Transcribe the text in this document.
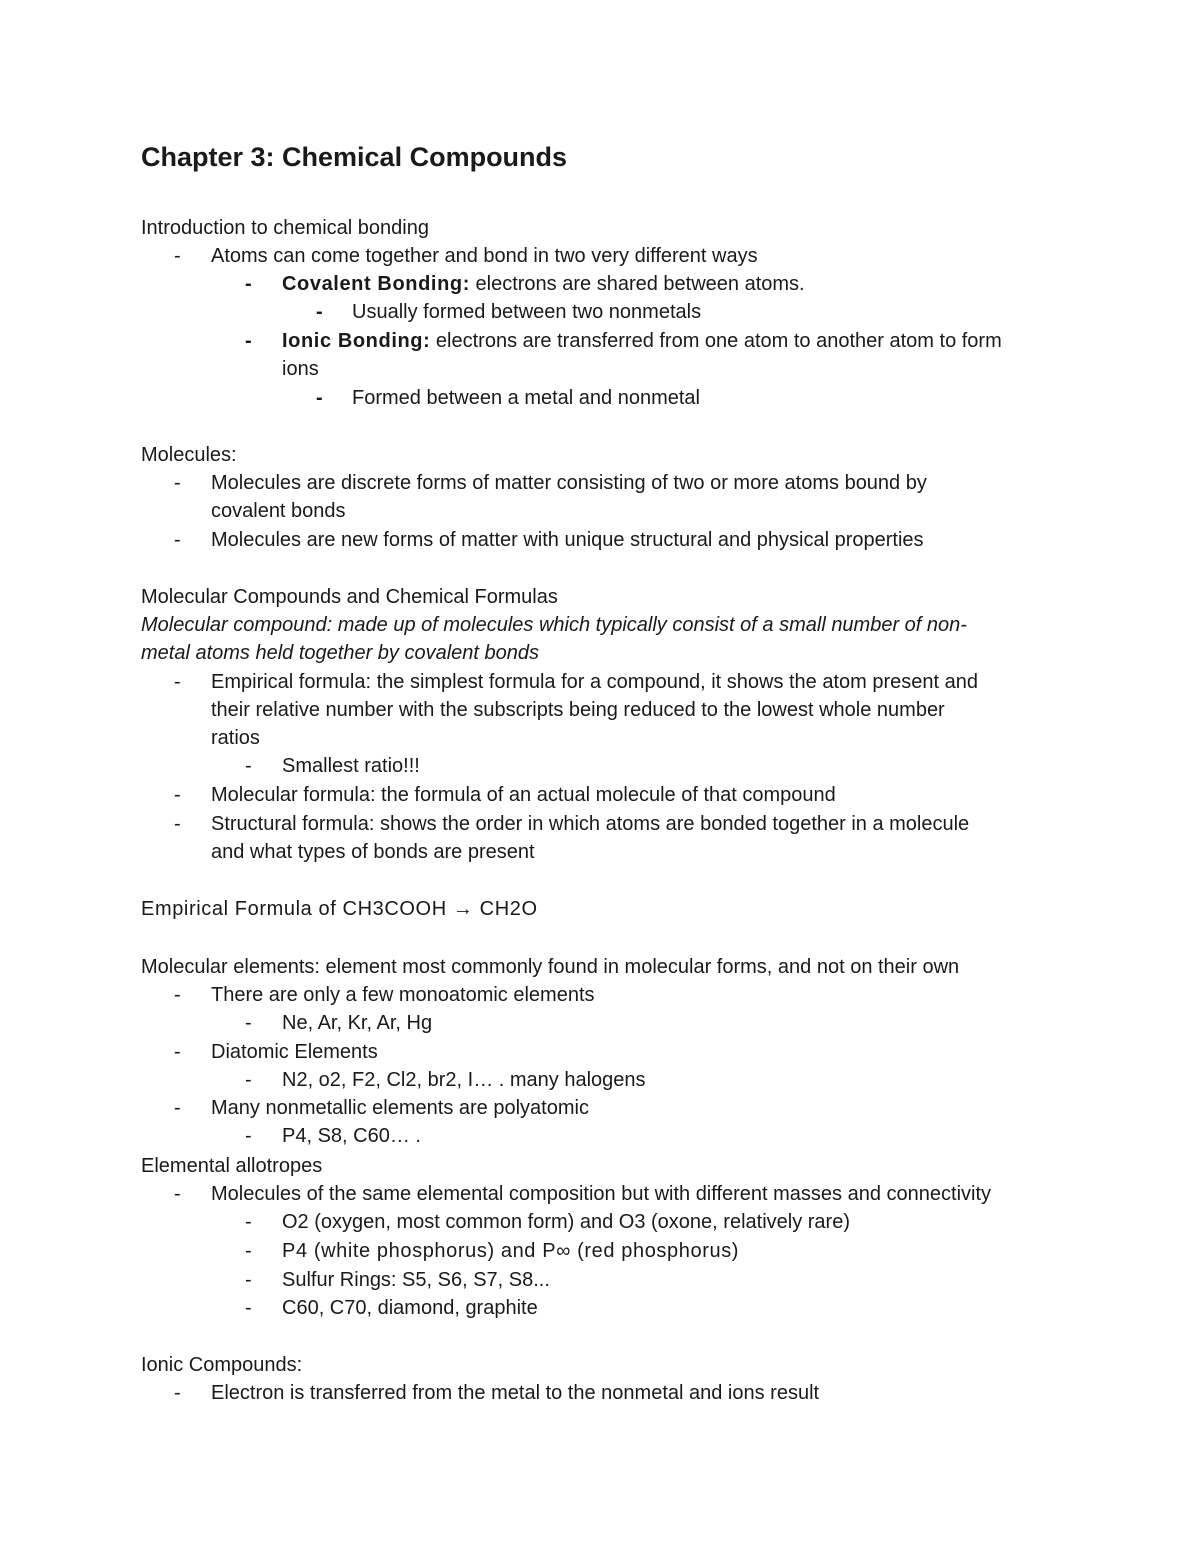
Chapter 3: Chemical Compounds
Introduction to chemical bonding
- Atoms can come together and bond in two very different ways
- Covalent Bonding: electrons are shared between atoms.
- Usually formed between two nonmetals
- Ionic Bonding: electrons are transferred from one atom to another atom to form
ions
- Formed between a metal and nonmetal
Molecules:
- Molecules are discrete forms of matter consisting of two or more atoms bound by
covalent bonds
- Molecules are new forms of matter with unique structural and physical properties
Molecular Compounds and Chemical Formulas
Molecular compound: made up of molecules which typically consist of a small number of non-
metal atoms held together by covalent bonds
- Empirical formula: the simplest formula for a compound, it shows the atom present and
their relative number with the subscripts being reduced to the lowest whole number
ratios
- Smallest ratio!!!
- Molecular formula: the formula of an actual molecule of that compound
- Structural formula: shows the order in which atoms are bonded together in a molecule
and what types of bonds are present
Empirical Formula of CH3COOH → CH2O
Molecular elements: element most commonly found in molecular forms, and not on their own
- There are only a few monoatomic elements
- Ne, Ar, Kr, Ar, Hg
- Diatomic Elements
- N2, o2, F2, Cl2, br2, I… . many halogens
- Many nonmetallic elements are polyatomic
- P4, S8, C60… .
Elemental allotropes
- Molecules of the same elemental composition but with different masses and connectivity
- O2 (oxygen, most common form) and O3 (oxone, relatively rare)
- P4 (white phosphorus) and P∞ (red phosphorus)
- Sulfur Rings: S5, S6, S7, S8...
- C60, C70, diamond, graphite
Ionic Compounds:
- Electron is transferred from the metal to the nonmetal and ions result
